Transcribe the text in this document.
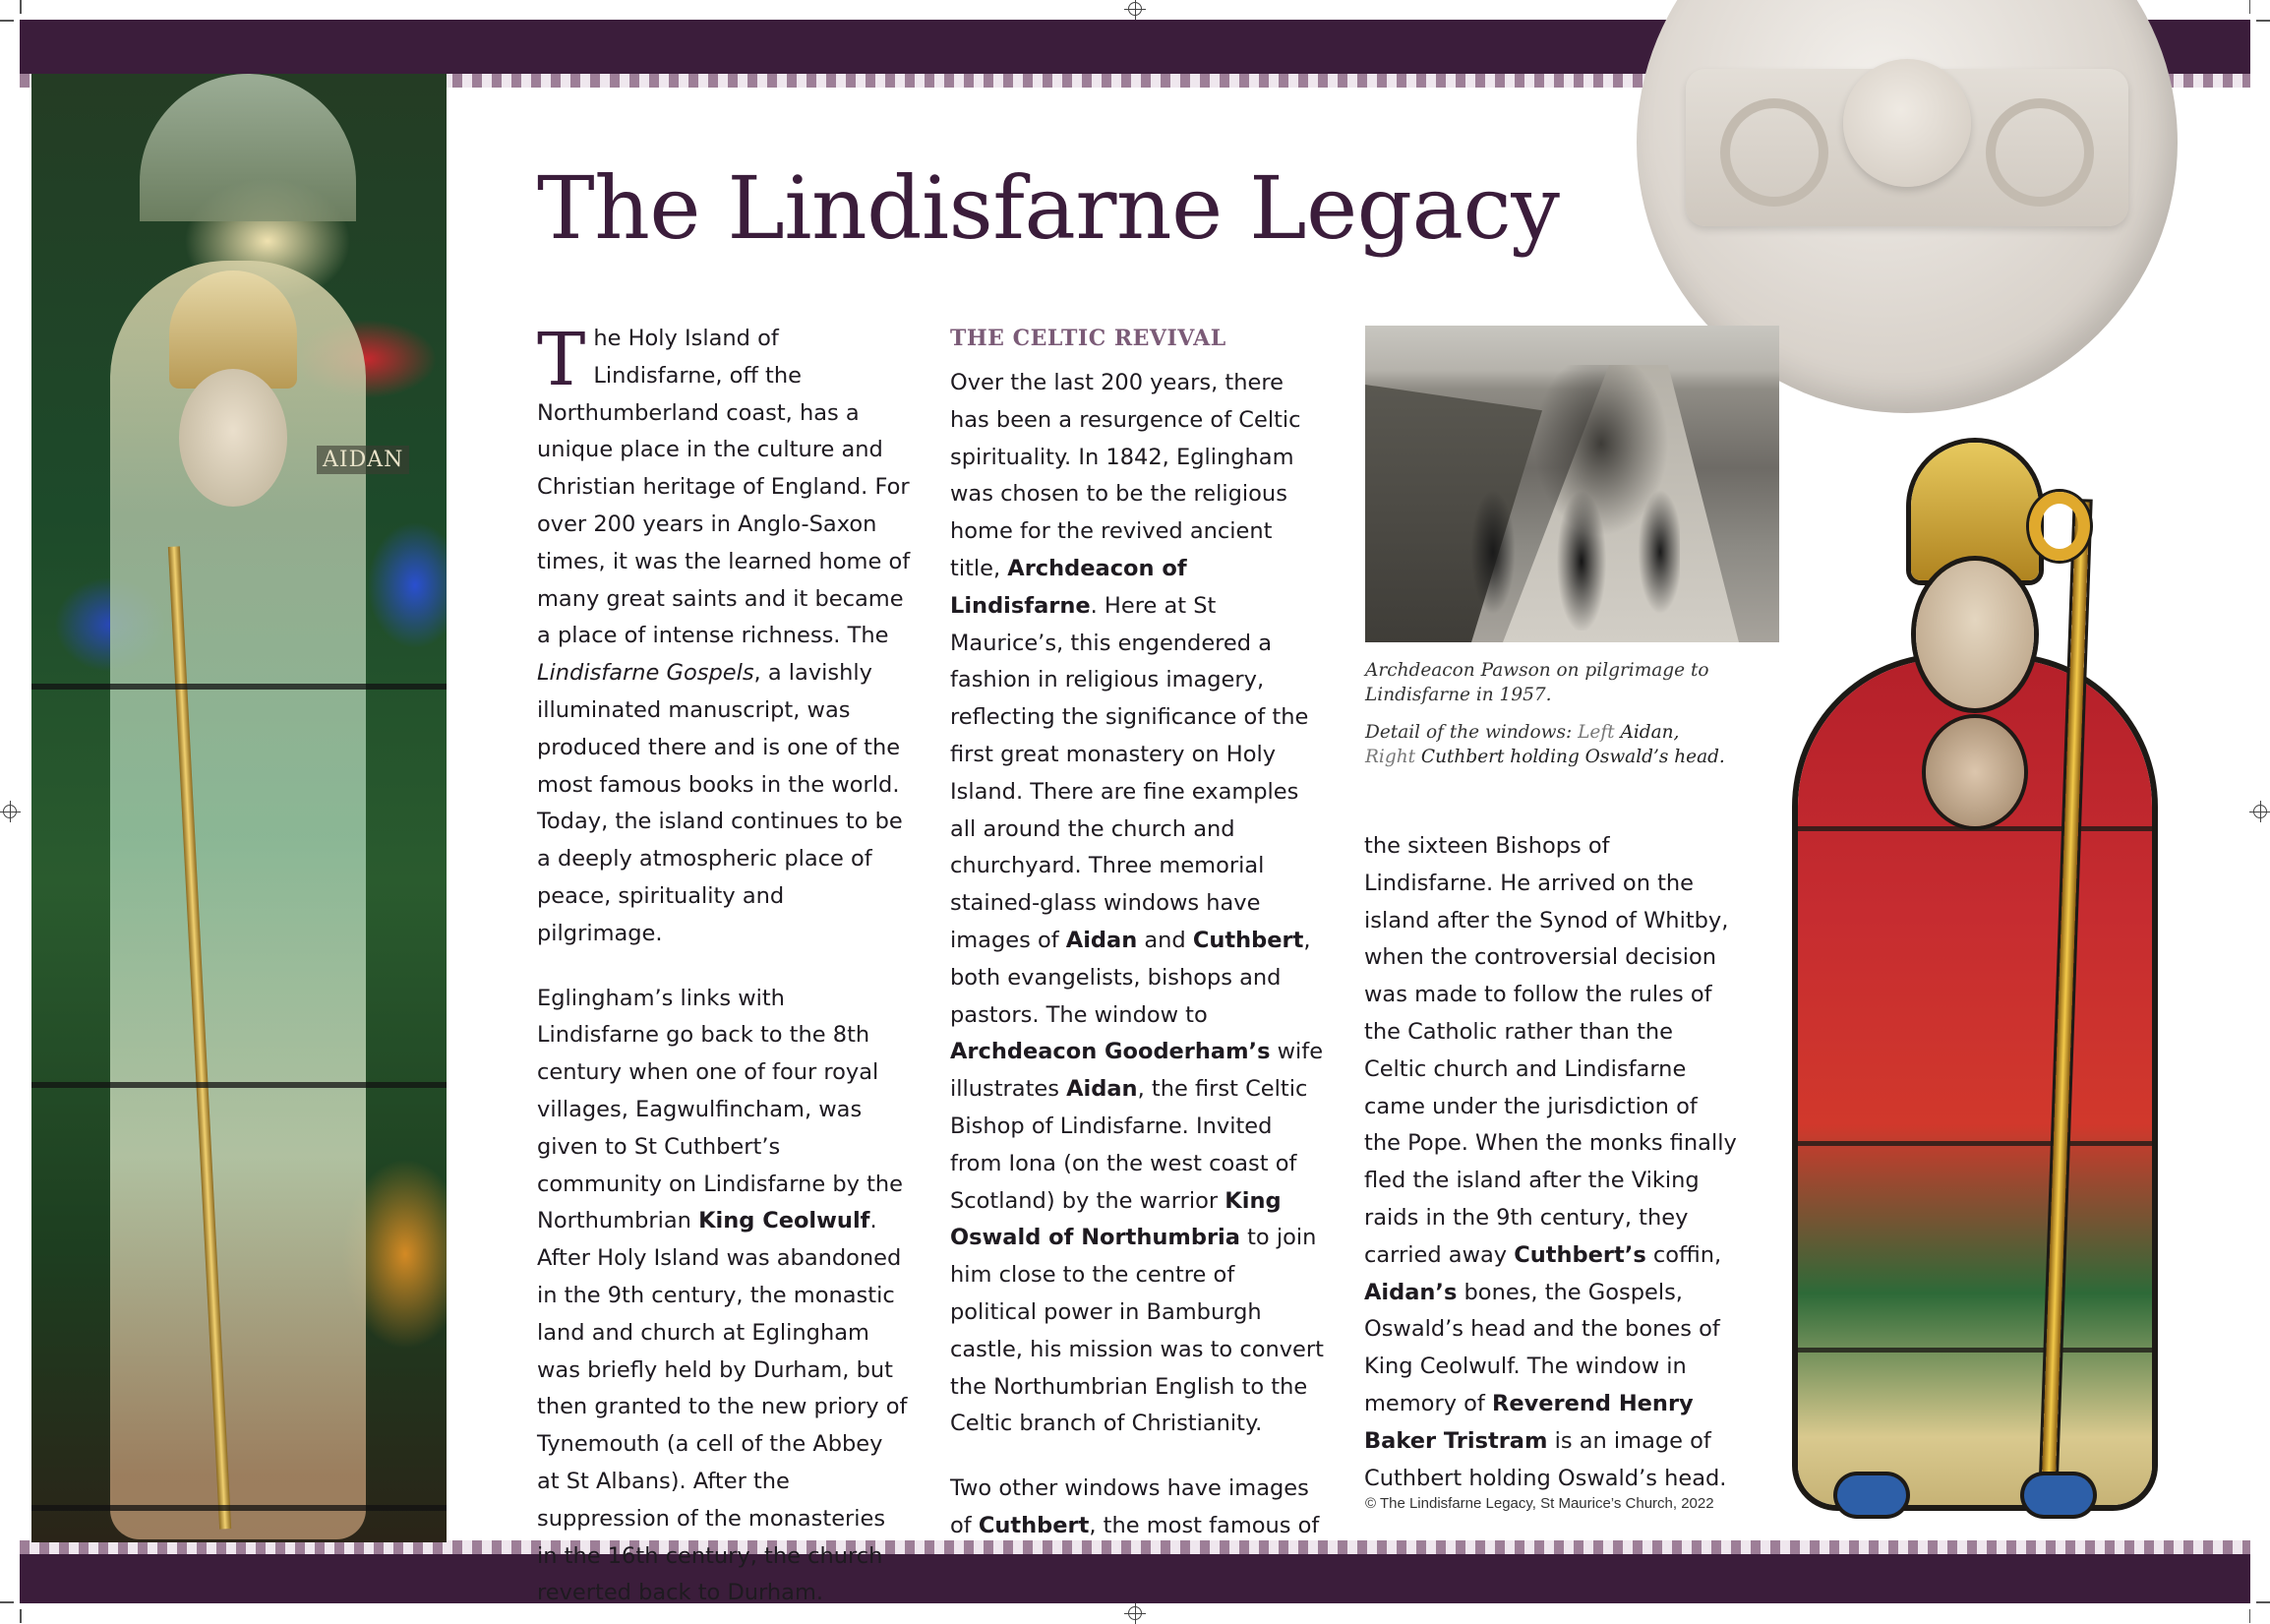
AIDAN
The Lindisfarne Legacy

The Holy Island of Lindisfarne, off the Northumberland coast, has a unique place in the culture and Christian heritage of England. For over 200 years in Anglo-Saxon times, it was the learned home of many great saints and it became a place of intense richness. The Lindisfarne Gospels, a lavishly illuminated manuscript, was produced there and is one of the most famous books in the world. Today, the island continues to be a deeply atmospheric place of peace, spirituality and pilgrimage.

Eglingham’s links with Lindisfarne go back to the 8th century when one of four royal villages, Eagwulfincham, was given to St Cuthbert’s community on Lindisfarne by the Northumbrian King Ceolwulf. After Holy Island was abandoned in the 9th century, the monastic land and church at Eglingham was briefly held by Durham, but then granted to the new priory of Tynemouth (a cell of the Abbey at St Albans). After the suppression of the monasteries in the 16th century, the church reverted back to Durham.

THE CELTIC REVIVAL

Over the last 200 years, there has been a resurgence of Celtic spirituality. In 1842, Eglingham was chosen to be the religious home for the revived ancient title, Archdeacon of Lindisfarne. Here at St Maurice’s, this engendered a fashion in religious imagery, reflecting the significance of the first great monastery on Holy Island. There are fine examples all around the church and churchyard. Three memorial stained-glass windows have images of Aidan and Cuthbert, both evangelists, bishops and pastors. The window to Archdeacon Gooderham’s wife illustrates Aidan, the first Celtic Bishop of Lindisfarne. Invited from Iona (on the west coast of Scotland) by the warrior King Oswald of Northumbria to join him close to the centre of political power in Bamburgh castle, his mission was to convert the Northumbrian English to the Celtic branch of Christianity.

Two other windows have images of Cuthbert, the most famous of

Archdeacon Pawson on pilgrimage to Lindisfarne in 1957.
Detail of the windows: Left Aidan,
Right Cuthbert holding Oswald’s head.

the sixteen Bishops of Lindisfarne. He arrived on the island after the Synod of Whitby, when the controversial decision was made to follow the rules of the Catholic rather than the Celtic church and Lindisfarne came under the jurisdiction of the Pope. When the monks finally fled the island after the Viking raids in the 9th century, they carried away Cuthbert’s coffin, Aidan’s bones, the Gospels, Oswald’s head and the bones of King Ceolwulf. The window in memory of Reverend Henry Baker Tristram is an image of Cuthbert holding Oswald’s head.

© The Lindisfarne Legacy, St Maurice’s Church, 2022
